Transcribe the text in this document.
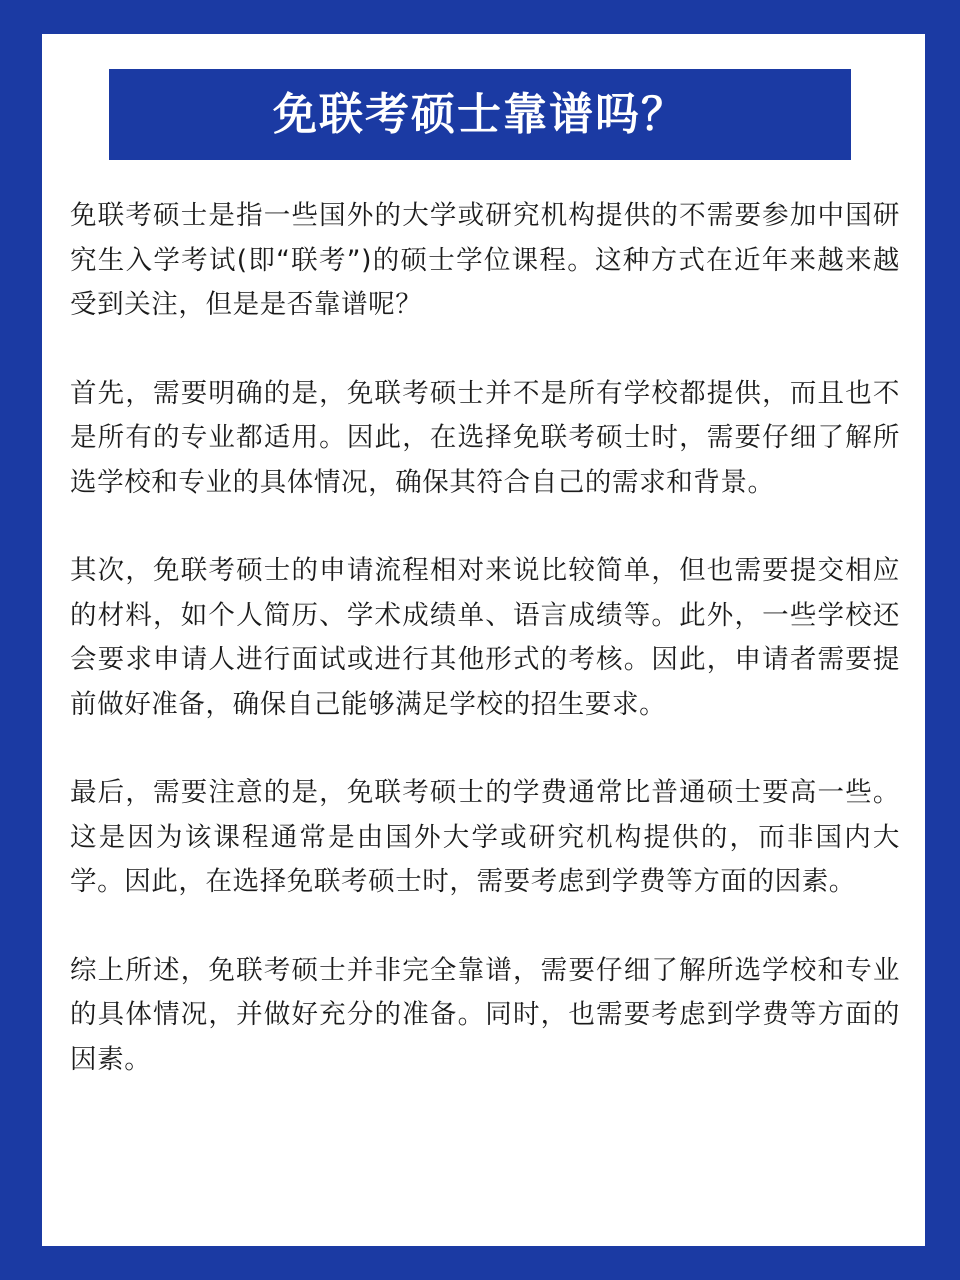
免联考硕士靠谱吗？

免联考硕士是指一些国外的大学或研究机构提供的不需要参加中国研究生入学考试(即“联考”)的硕士学位课程。这种方式在近年来越来越受到关注，但是是否靠谱呢？

首先，需要明确的是，免联考硕士并不是所有学校都提供，而且也不是所有的专业都适用。因此，在选择免联考硕士时，需要仔细了解所选学校和专业的具体情况，确保其符合自己的需求和背景。

其次，免联考硕士的申请流程相对来说比较简单，但也需要提交相应的材料，如个人简历、学术成绩单、语言成绩等。此外，一些学校还会要求申请人进行面试或进行其他形式的考核。因此，申请者需要提前做好准备，确保自己能够满足学校的招生要求。

最后，需要注意的是，免联考硕士的学费通常比普通硕士要高一些。这是因为该课程通常是由国外大学或研究机构提供的，而非国内大学。因此，在选择免联考硕士时，需要考虑到学费等方面的因素。

综上所述，免联考硕士并非完全靠谱，需要仔细了解所选学校和专业的具体情况，并做好充分的准备。同时，也需要考虑到学费等方面的因素。
